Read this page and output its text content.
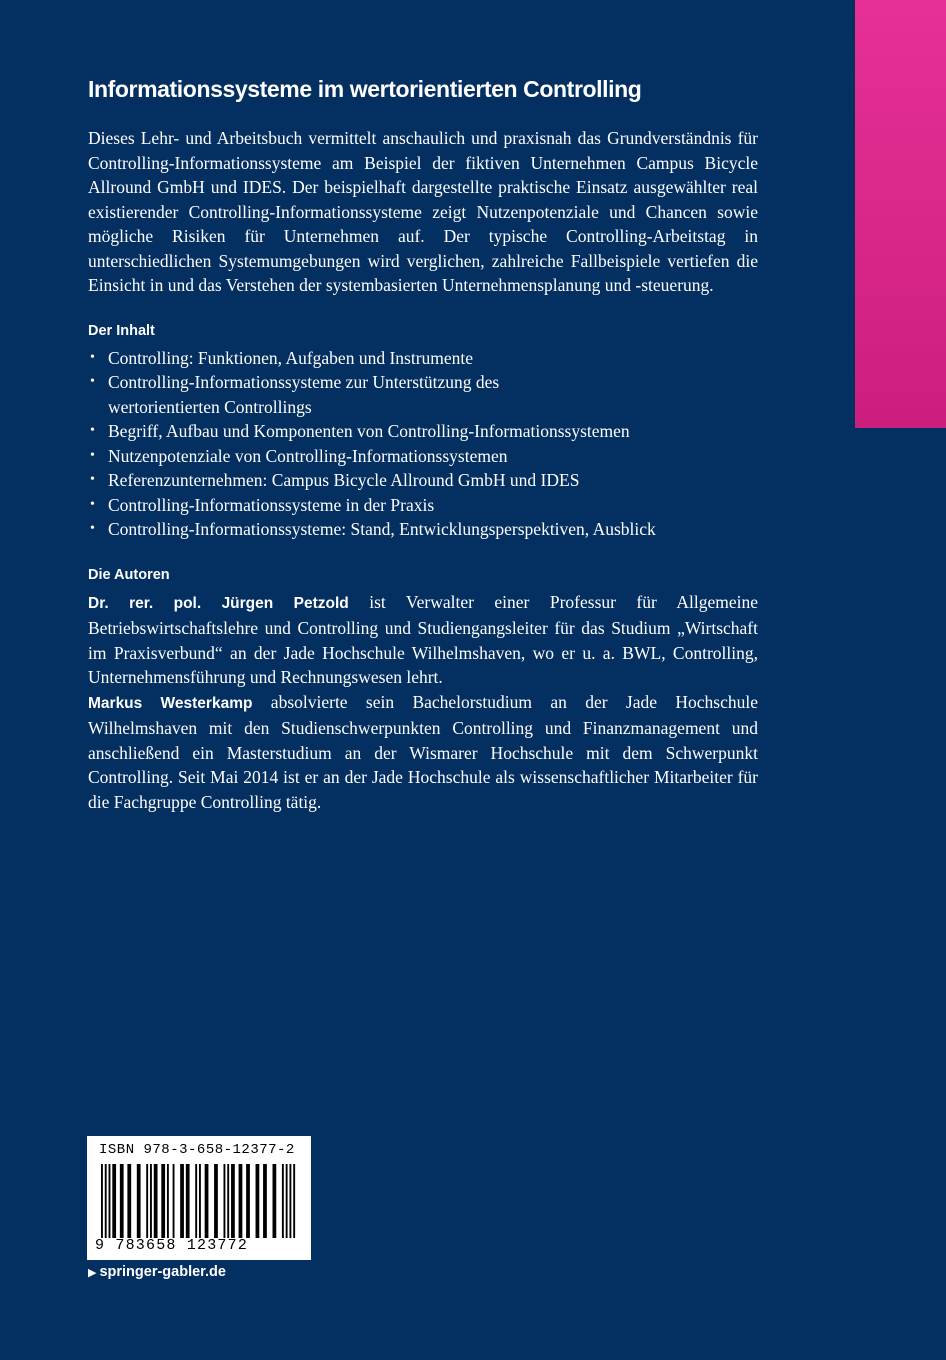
Informationssysteme im wertorientierten Controlling

Dieses Lehr- und Arbeitsbuch vermittelt anschaulich und praxisnah das Grundverständnis für Controlling-Informationssysteme am Beispiel der fiktiven Unternehmen Campus Bicycle Allround GmbH und IDES. Der beispielhaft dargestellte praktische Einsatz ausgewählter real existierender Controlling-Informationssysteme zeigt Nutzenpotenziale und Chancen sowie mögliche Risiken für Unternehmen auf. Der typische Controlling-Arbeitstag in unterschiedlichen Systemumgebungen wird verglichen, zahlreiche Fallbeispiele vertiefen die Einsicht in und das Verstehen der systembasierten Unternehmensplanung und -steuerung.

Der Inhalt
• Controlling: Funktionen, Aufgaben und Instrumente
• Controlling-Informationssysteme zur Unterstützung des wertorientierten Controllings
• Begriff, Aufbau und Komponenten von Controlling-Informationssystemen
• Nutzenpotenziale von Controlling-Informationssystemen
• Referenzunternehmen: Campus Bicycle Allround GmbH und IDES
• Controlling-Informationssysteme in der Praxis
• Controlling-Informationssysteme: Stand, Entwicklungsperspektiven, Ausblick
Die Autoren

Dr. rer. pol. Jürgen Petzold ist Verwalter einer Professur für Allgemeine Betriebswirtschaftslehre und Controlling und Studiengangsleiter für das Studium „Wirtschaft im Praxisverbund“ an der Jade Hochschule Wilhelmshaven, wo er u. a. BWL, Controlling, Unternehmensführung und Rechnungswesen lehrt.

Markus Westerkamp absolvierte sein Bachelorstudium an der Jade Hochschule Wilhelmshaven mit den Studienschwerpunkten Controlling und Finanzmanagement und anschließend ein Masterstudium an der Wismarer Hochschule mit dem Schwerpunkt Controlling. Seit Mai 2014 ist er an der Jade Hochschule als wissenschaftlicher Mitarbeiter für die Fachgruppe Controlling tätig.

ISBN 978-3-658-12377-2
9 783658 123772
▶ springer-gabler.de
